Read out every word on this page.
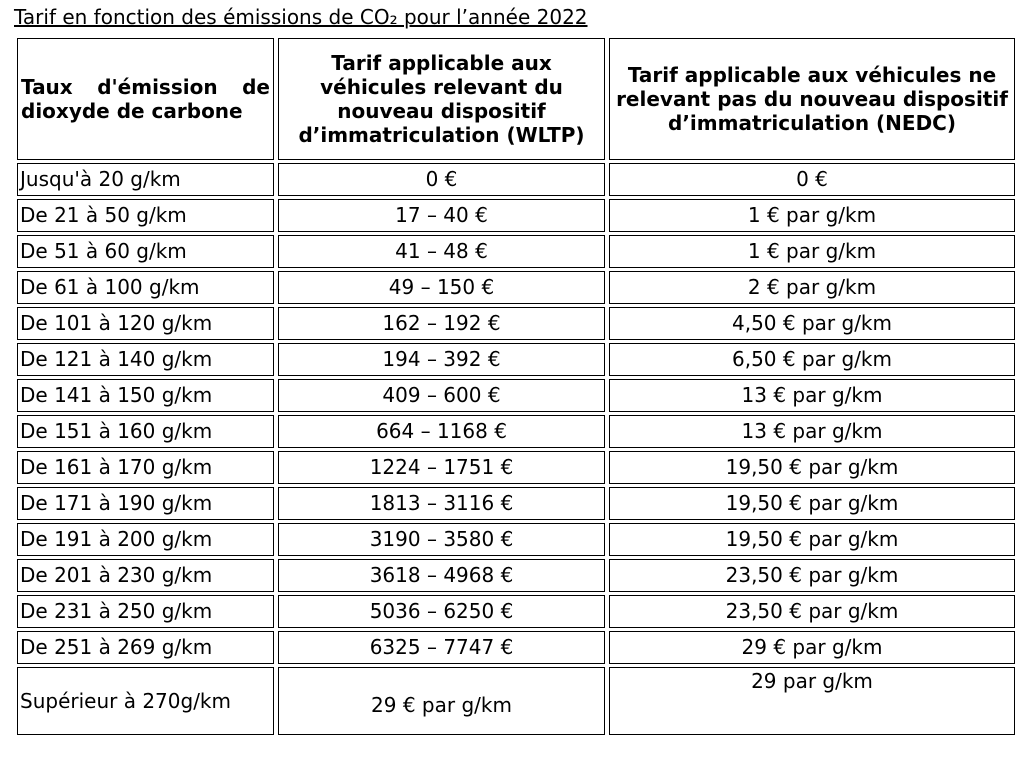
Tarif en fonction des émissions de CO₂ pour l’année 2022
Taux d'émission de
dioxyde de carbone	Tarif applicable aux véhicules relevant du nouveau dispositif d’immatriculation (WLTP)	Tarif applicable aux véhicules ne relevant pas du nouveau dispositif d’immatriculation (NEDC)
Jusqu'à 20 g/km	0 €	0 €
De 21 à 50 g/km	17 – 40 €	1 € par g/km
De 51 à 60 g/km	41 – 48 €	1 € par g/km
De 61 à 100 g/km	49 – 150 €	2 € par g/km
De 101 à 120 g/km	162 – 192 €	4,50 € par g/km
De 121 à 140 g/km	194 – 392 €	6,50 € par g/km
De 141 à 150 g/km	409 – 600 €	13 € par g/km
De 151 à 160 g/km	664 – 1168 €	13 € par g/km
De 161 à 170 g/km	1224 – 1751 €	19,50 € par g/km
De 171 à 190 g/km	1813 – 3116 €	19,50 € par g/km
De 191 à 200 g/km	3190 – 3580 €	19,50 € par g/km
De 201 à 230 g/km	3618 – 4968 €	23,50 € par g/km
De 231 à 250 g/km	5036 – 6250 €	23,50 € par g/km
De 251 à 269 g/km	6325 – 7747 €	29 € par g/km
Supérieur à 270g/km	29 € par g/km	29 par g/km
